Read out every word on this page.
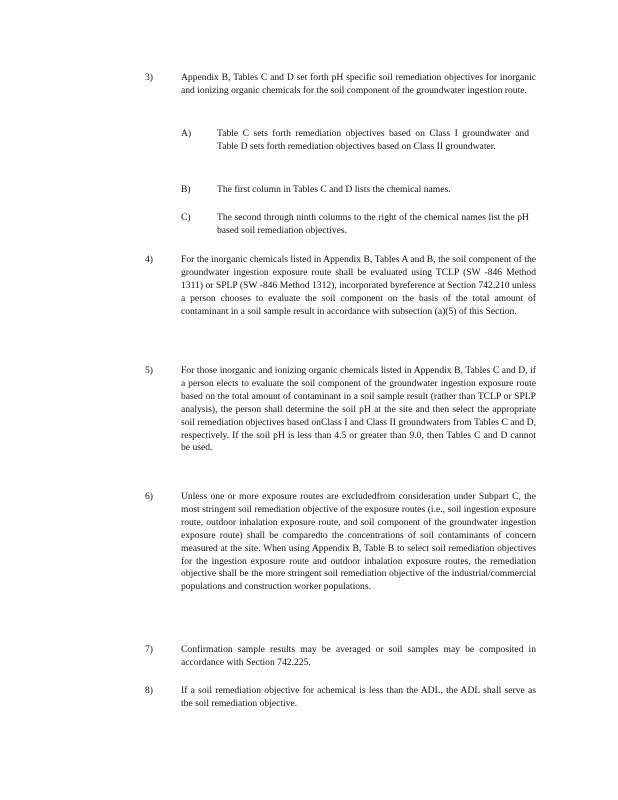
3)	Appendix B, Tables C and D set forth pH specific soil remediation objectives for inorganic and ionizing organic chemicals for the soil component of the groundwater ingestion route.
A)	Table C sets forth remediation objectives based on Class I groundwater and Table D sets forth remediation objectives based on Class II groundwater.
B)	The first column in Tables C and D lists the chemical names.
C)	The second through ninth columns to the right of the chemical names list the pH based soil remediation objectives.
4)	For the inorganic chemicals listed in Appendix B, Tables A and B, the soil component of the groundwater ingestion exposure route shall be evaluated using TCLP (SW -846 Method 1311) or SPLP (SW -846 Method 1312), incorporated byreference at Section 742.210 unless a person chooses to evaluate the soil component on the basis of the total amount of contaminant in a soil sample result in accordance with subsection (a)(5) of this Section.
5)	For those inorganic and ionizing organic chemicals listed in Appendix B, Tables C and D, if a person elects to evaluate the soil component of the groundwater ingestion exposure route based on the total amount of contaminant in a soil sample result (rather than TCLP or SPLP analysis), the person shall determine the soil pH at the site and then select the appropriate soil remediation objectives based onClass I and Class II groundwaters from Tables C and D, respectively. If the soil pH is less than 4.5 or greater than 9.0, then Tables C and D cannot be used.
6)	Unless one or more exposure routes are excludedfrom consideration under Subpart C, the most stringent soil remediation objective of the exposure routes (i.e., soil ingestion exposure route, outdoor inhalation exposure route, and soil component of the groundwater ingestion exposure route) shall be comparedto the concentrations of soil contaminants of concern measured at the site. When using Appendix B, Table B to select soil remediation objectives for the ingestion exposure route and outdoor inhalation exposure routes, the remediation objective shall be the more stringent soil remediation objective of the industrial/commercial populations and construction worker populations.
7)	Confirmation sample results may be averaged or soil samples may be composited in accordance with Section 742.225.
8)	If a soil remediation objective for achemical is less than the ADL, the ADL shall serve as the soil remediation objective.
